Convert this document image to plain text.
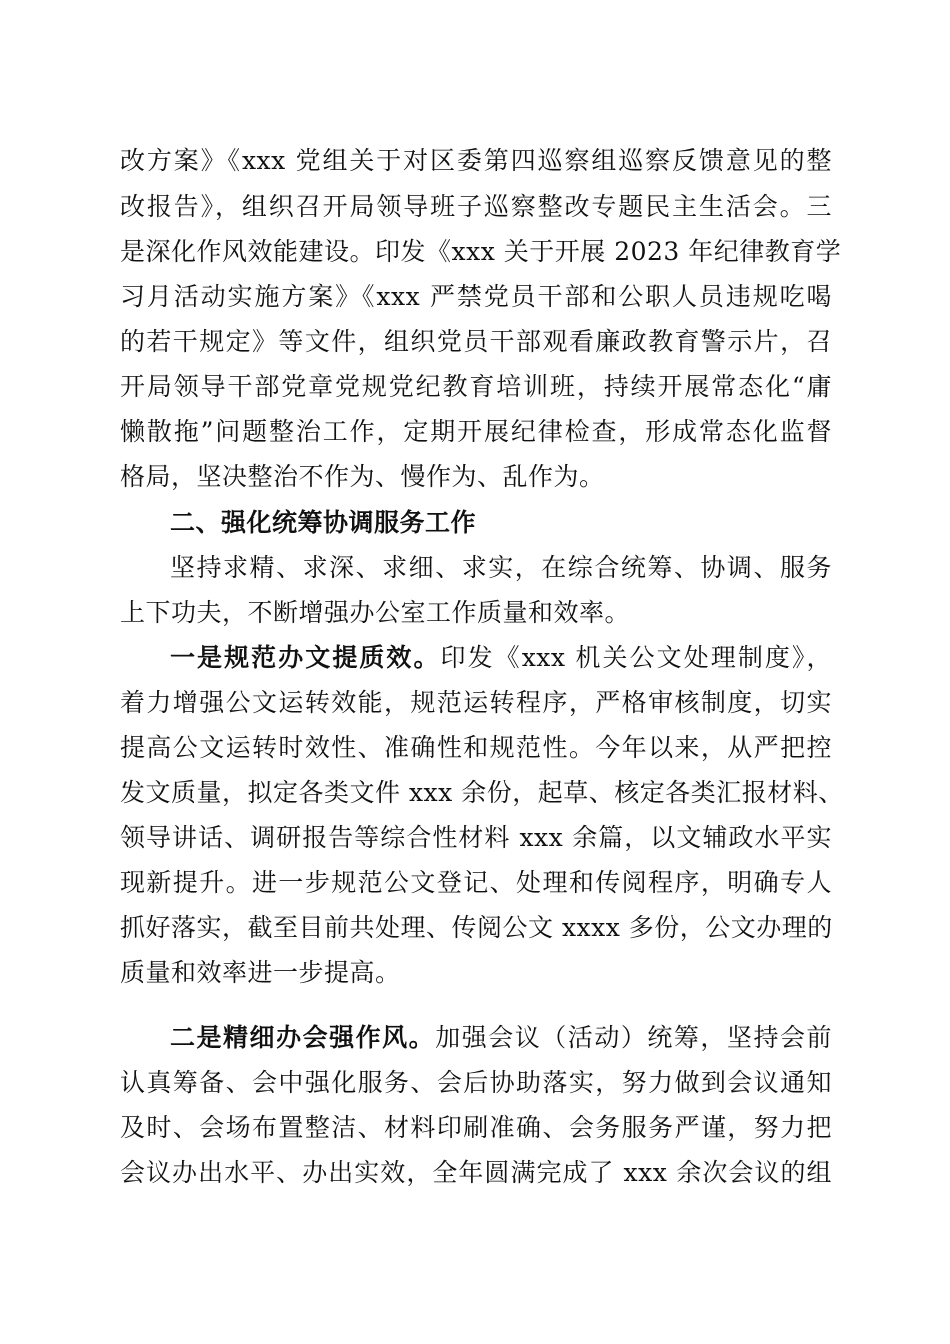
改方案》《xxx 党组关于对区委第四巡察组巡察反馈意见的整
改报告》，组织召开局领导班子巡察整改专题民主生活会。三
是深化作风效能建设。印发《xxx 关于开展 2023 年纪律教育学
习月活动实施方案》《xxx 严禁党员干部和公职人员违规吃喝
的若干规定》等文件，组织党员干部观看廉政教育警示片，召
开局领导干部党章党规党纪教育培训班，持续开展常态化“庸
懒散拖”问题整治工作，定期开展纪律检查，形成常态化监督
格局，坚决整治不作为、慢作为、乱作为。
二、强化统筹协调服务工作
坚持求精、求深、求细、求实，在综合统筹、协调、服务
上下功夫，不断增强办公室工作质量和效率。
一是规范办文提质效。印发《xxx 机关公文处理制度》，
着力增强公文运转效能，规范运转程序，严格审核制度，切实
提高公文运转时效性、准确性和规范性。今年以来，从严把控
发文质量，拟定各类文件 xxx 余份，起草、核定各类汇报材料、
领导讲话、调研报告等综合性材料 xxx 余篇，以文辅政水平实
现新提升。进一步规范公文登记、处理和传阅程序，明确专人
抓好落实，截至目前共处理、传阅公文 xxxx 多份，公文办理的
质量和效率进一步提高。
二是精细办会强作风。加强会议（活动）统筹，坚持会前
认真筹备、会中强化服务、会后协助落实，努力做到会议通知
及时、会场布置整洁、材料印刷准确、会务服务严谨，努力把
会议办出水平、办出实效，全年圆满完成了 xxx 余次会议的组
